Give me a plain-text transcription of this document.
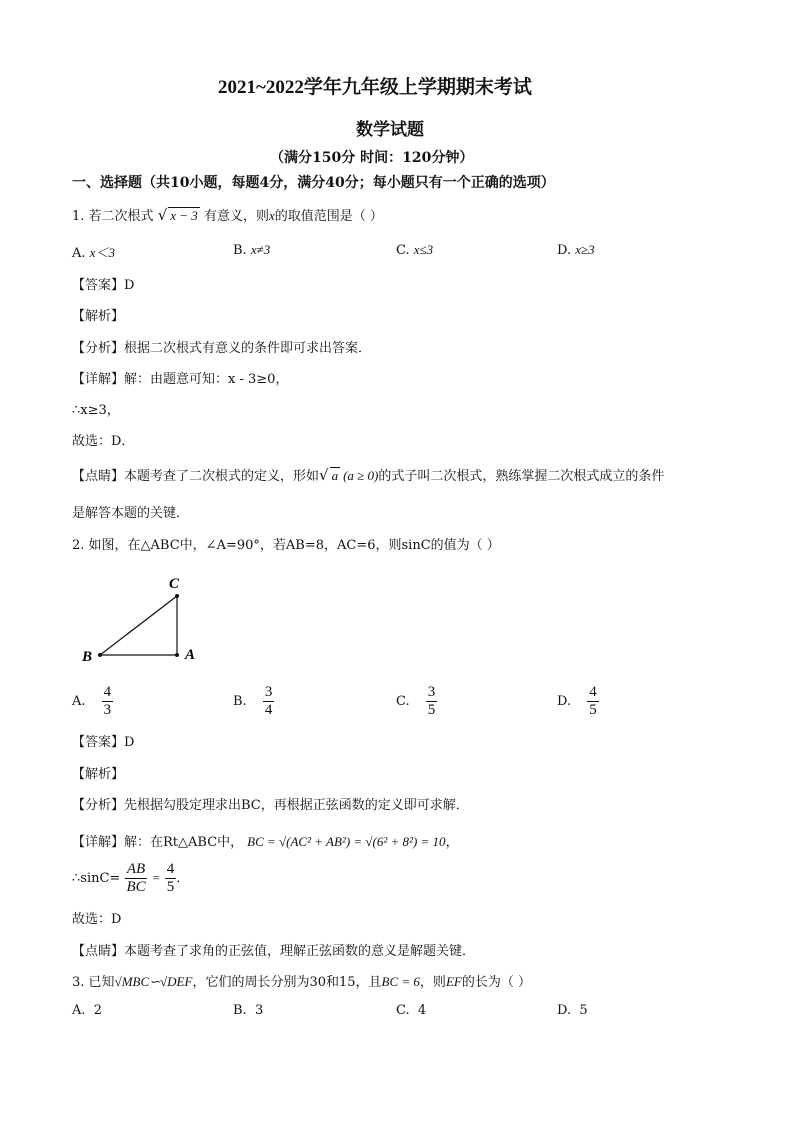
2021~2022学年九年级上学期期末考试
数学试题
（满分150分 时间：120分钟）
一、选择题（共10小题，每题4分，满分40分；每小题只有一个正确的选项）
1. 若二次根式 √ x − 3 有意义，则x的取值范围是（ ）
A. x＜3	B. x≠3	C. x≤3	D. x≥3
【答案】D
【解析】
【分析】根据二次根式有意义的条件即可求出答案．
【详解】解：由题意可知：x - 3≥0，
∴x≥3，
故选：D．
【点睛】本题考查了二次根式的定义，形如√ a (a ≥ 0)的式子叫二次根式，熟练掌握二次根式成立的条件
是解答本题的关键．
2. 如图，在△ABC中，∠A=90°，若AB=8，AC=6，则sinC的值为（ ）
C
B	A
A. $\frac{4}{3}$	B. $\frac{3}{4}$	C. $\frac{3}{5}$	D. $\frac{4}{5}$
【答案】D
【解析】
【分析】先根据勾股定理求出BC，再根据正弦函数的定义即可求解．
【详解】解：在Rt△ABC中， BC = √(AC² + AB²) = √(6² + 8²) = 10，
∴sinC= $\frac{AB}{BC} = \frac{4}{5}$ ．
故选：D
【点睛】本题考查了求角的正弦值，理解正弦函数的意义是解题关键．
3. 已知√MBC∽√DEF，它们的周长分别为30和15，且BC = 6，则EF的长为（ ）
A. 2	B. 3	C. 4	D. 5
